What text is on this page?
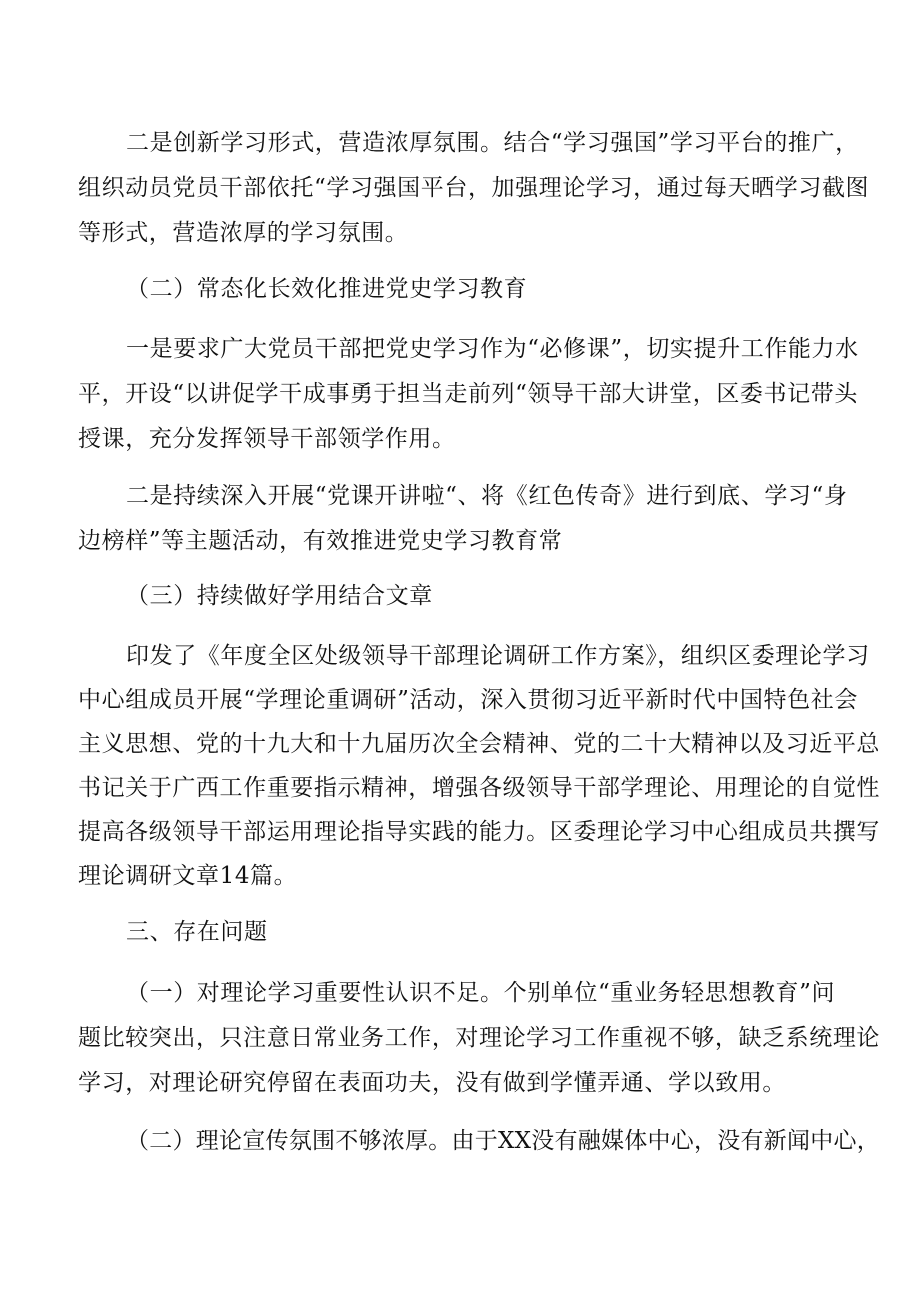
二是创新学习形式，营造浓厚氛围。结合“学习强国”学习平台的推广，
组织动员党员干部依托“学习强国平台，加强理论学习，通过每天晒学习截图
等形式，营造浓厚的学习氛围。
（二）常态化长效化推进党史学习教育
一是要求广大党员干部把党史学习作为“必修课”，切实提升工作能力水
平，开设“以讲促学干成事勇于担当走前列“领导干部大讲堂，区委书记带头
授课，充分发挥领导干部领学作用。
二是持续深入开展“党课开讲啦“、将《红色传奇》进行到底、学习“身
边榜样”等主题活动，有效推进党史学习教育常
（三）持续做好学用结合文章
印发了《年度全区处级领导干部理论调研工作方案》，组织区委理论学习
中心组成员开展“学理论重调研”活动，深入贯彻习近平新时代中国特色社会
主义思想、党的十九大和十九届历次全会精神、党的二十大精神以及习近平总
书记关于广西工作重要指示精神，增强各级领导干部学理论、用理论的自觉性
提高各级领导干部运用理论指导实践的能力。区委理论学习中心组成员共撰写
理论调研文章14篇。
三、存在问题
（一）对理论学习重要性认识不足。个别单位“重业务轻思想教育”问
题比较突出，只注意日常业务工作，对理论学习工作重视不够，缺乏系统理论
学习，对理论研究停留在表面功夫，没有做到学懂弄通、学以致用。
（二）理论宣传氛围不够浓厚。由于XX没有融媒体中心，没有新闻中心，
